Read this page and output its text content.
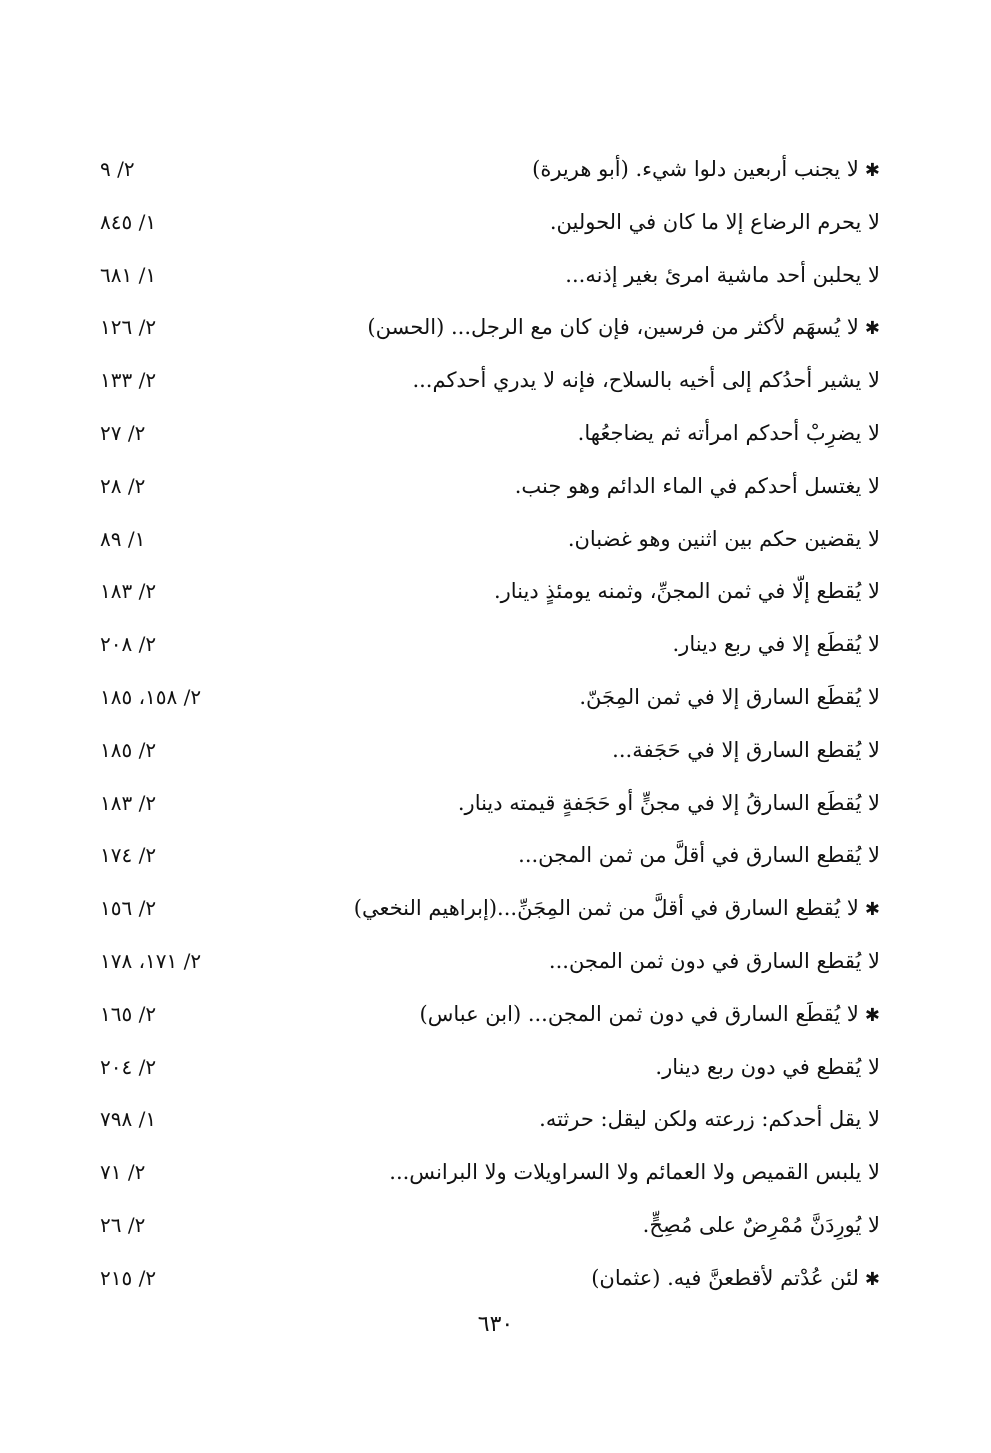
✱لا يجنب أربعين دلوا شيء. (أبو هريرة)
٢/ ٩
لا يحرم الرضاع إلا ما كان في الحولين.
١/ ٨٤٥
لا يحلبن أحد ماشية امرئ بغير إذنه...
١/ ٦٨١
✱لا يُسهَم لأكثر من فرسين، فإن كان مع الرجل... (الحسن)
٢/ ١٢٦
لا يشير أحدُكم إلى أخيه بالسلاح، فإنه لا يدري أحدكم...
٢/ ١٣٣
لا يضرِبْ أحدكم امرأته ثم يضاجعُها.
٢/ ٢٧
لا يغتسل أحدكم في الماء الدائم وهو جنب.
٢/ ٢٨
لا يقضين حكم بين اثنين وهو غضبان.
١/ ٨٩
لا يُقطع إلّا في ثمن المجنِّ، وثمنه يومئذٍ دينار.
٢/ ١٨٣
لا يُقطَع إلا في ربع دينار.
٢/ ٢٠٨
لا يُقطَع السارق إلا في ثمن المِجَنّ.
٢/ ١٥٨، ١٨٥
لا يُقطع السارق إلا في حَجَفة...
٢/ ١٨٥
لا يُقطَع السارقُ إلا في مجنٍّ أو حَجَفةٍ قيمته دينار.
٢/ ١٨٣
لا يُقطع السارق في أقلَّ من ثمن المجن...
٢/ ١٧٤
✱لا يُقطع السارق في أقلَّ من ثمن المِجَنِّ...(إبراهيم النخعي)
٢/ ١٥٦
لا يُقطع السارق في دون ثمن المجن...
٢/ ١٧١، ١٧٨
✱لا يُقطَع السارق في دون ثمن المجن... (ابن عباس)
٢/ ١٦٥
لا يُقطع في دون ربع دينار.
٢/ ٢٠٤
لا يقل أحدكم: زرعته ولكن ليقل: حرثته.
١/ ٧٩٨
لا يلبس القميص ولا العمائم ولا السراويلات ولا البرانس...
٢/ ٧١
لا يُورِدَنَّ مُمْرِضٌ على مُصِحٍّ.
٢/ ٢٦
✱لئن عُدْتم لأقطعنَّ فيه. (عثمان)
٢/ ٢١٥
٦٣٠
